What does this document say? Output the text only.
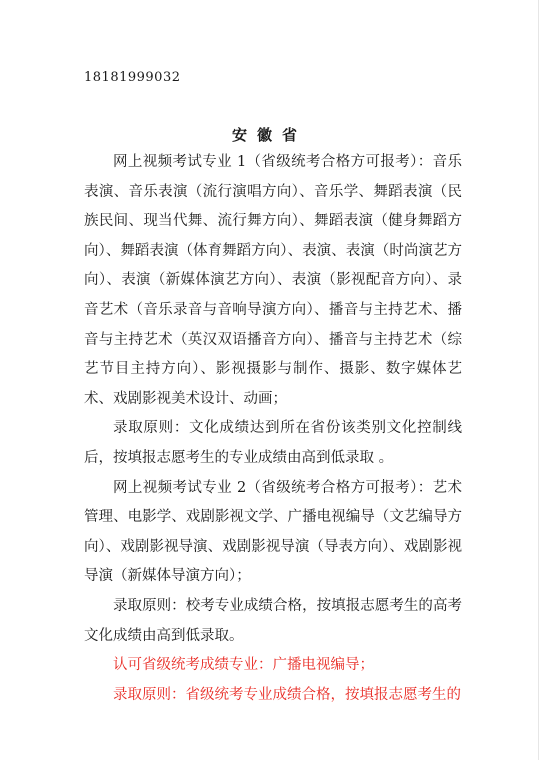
18181999032
安徽省

网上视频考试专业 1（省级统考合格方可报考）：音乐表演、音乐表演（流行演唱方向）、音乐学、舞蹈表演（民族民间、现当代舞、流行舞方向）、舞蹈表演（健身舞蹈方向）、舞蹈表演（体育舞蹈方向）、表演、表演（时尚演艺方向）、表演（新媒体演艺方向）、表演（影视配音方向）、录音艺术（音乐录音与音响导演方向）、播音与主持艺术、播音与主持艺术（英汉双语播音方向）、播音与主持艺术（综艺节目主持方向）、影视摄影与制作、摄影、数字媒体艺术、戏剧影视美术设计、动画；

录取原则：文化成绩达到所在省份该类别文化控制线后，按填报志愿考生的专业成绩由高到低录取 。

网上视频考试专业 2（省级统考合格方可报考）：艺术管理、电影学、戏剧影视文学、广播电视编导（文艺编导方向）、戏剧影视导演、戏剧影视导演（导表方向）、戏剧影视导演（新媒体导演方向）；

录取原则：校考专业成绩合格，按填报志愿考生的高考文化成绩由高到低录取。

认可省级统考成绩专业：广播电视编导；

录取原则：省级统考专业成绩合格，按填报志愿考生的
